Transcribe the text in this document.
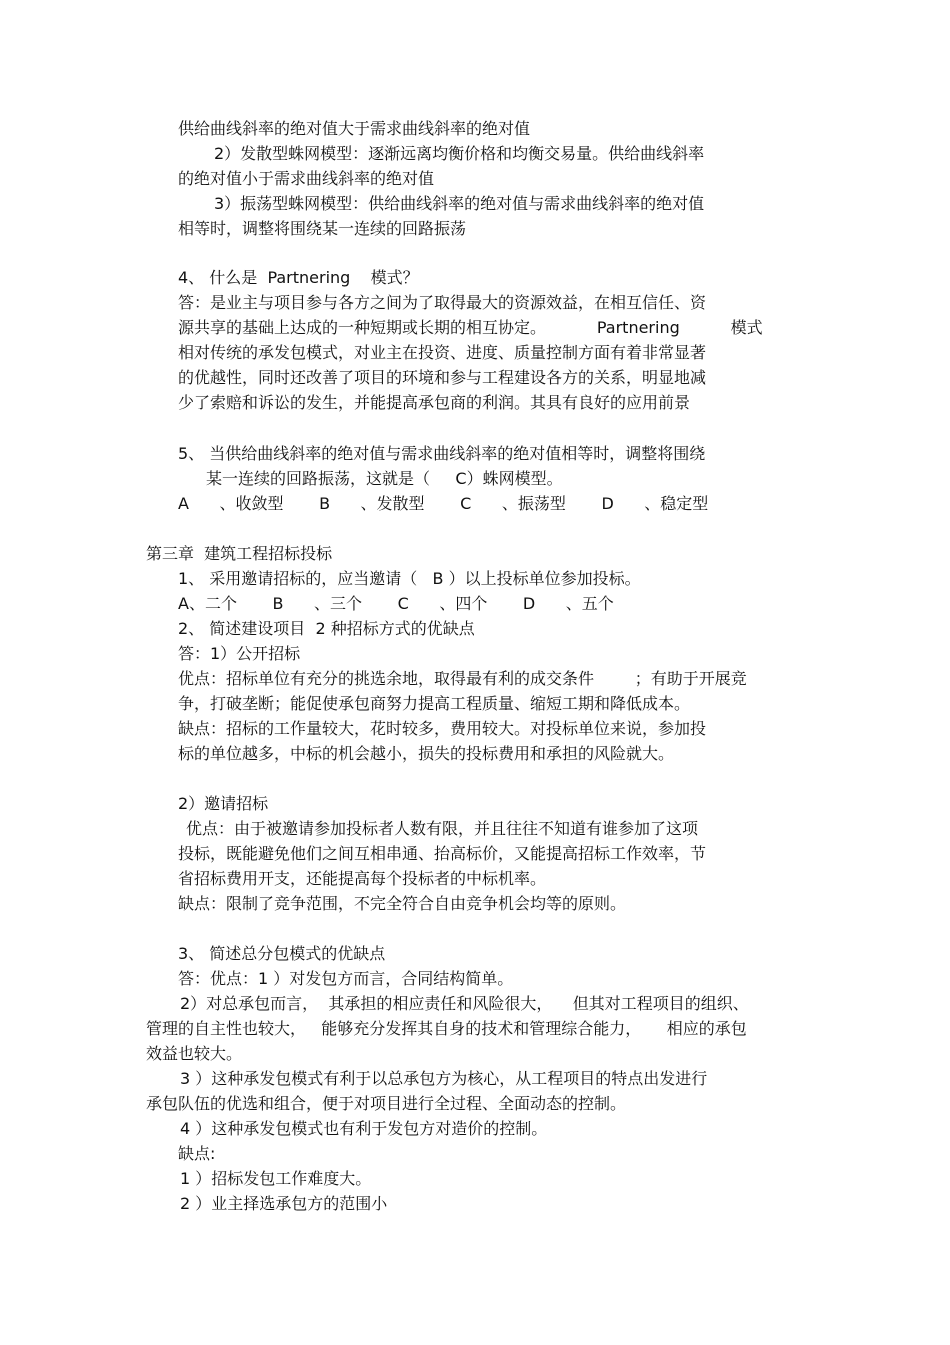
供给曲线斜率的绝对值大于需求曲线斜率的绝对值
2）发散型蛛网模型：逐渐远离均衡价格和均衡交易量。供给曲线斜率
的绝对值小于需求曲线斜率的绝对值
3）振荡型蛛网模型：供给曲线斜率的绝对值与需求曲线斜率的绝对值
相等时，调整将围绕某一连续的回路振荡
4、 什么是  Partnering    模式？
答：是业主与项目参与各方之间为了取得最大的资源效益，在相互信任、资
源共享的基础上达成的一种短期或长期的相互协定。          Partnering          模式
相对传统的承发包模式，对业主在投资、进度、质量控制方面有着非常显著
的优越性，同时还改善了项目的环境和参与工程建设各方的关系，明显地减
少了索赔和诉讼的发生，并能提高承包商的利润。其具有良好的应用前景
5、 当供给曲线斜率的绝对值与需求曲线斜率的绝对值相等时，调整将围绕
某一连续的回路振荡，这就是（     C）蛛网模型。
A      、收敛型       B      、发散型       C      、振荡型       D      、稳定型
第三章  建筑工程招标投标
1、 采用邀请招标的，应当邀请（   B ）以上投标单位参加投标。
A、二个       B      、三个       C      、四个       D      、五个
2、 简述建设项目  2 种招标方式的优缺点
答：1）公开招标
优点：招标单位有充分的挑选余地，取得最有利的成交条件        ；有助于开展竞
争，打破垄断；能促使承包商努力提高工程质量、缩短工期和降低成本。
缺点：招标的工作量较大，花时较多，费用较大。对投标单位来说，参加投
标的单位越多，中标的机会越小，损失的投标费用和承担的风险就大。
2）邀请招标
优点：由于被邀请参加投标者人数有限，并且往往不知道有谁参加了这项
投标，既能避免他们之间互相串通、抬高标价，又能提高招标工作效率，节
省招标费用开支，还能提高每个投标者的中标机率。
缺点：限制了竞争范围，不完全符合自由竞争机会均等的原则。
3、 简述总分包模式的优缺点
答：优点：1 ）对发包方而言，合同结构简单。
2）对总承包而言，  其承担的相应责任和风险很大，    但其对工程项目的组织、
管理的自主性也较大，   能够充分发挥其自身的技术和管理综合能力，     相应的承包
效益也较大。
3 ）这种承发包模式有利于以总承包方为核心，从工程项目的特点出发进行
承包队伍的优选和组合，便于对项目进行全过程、全面动态的控制。
4 ）这种承发包模式也有利于发包方对造价的控制。
缺点:
1 ）招标发包工作难度大。
2 ）业主择选承包方的范围小
